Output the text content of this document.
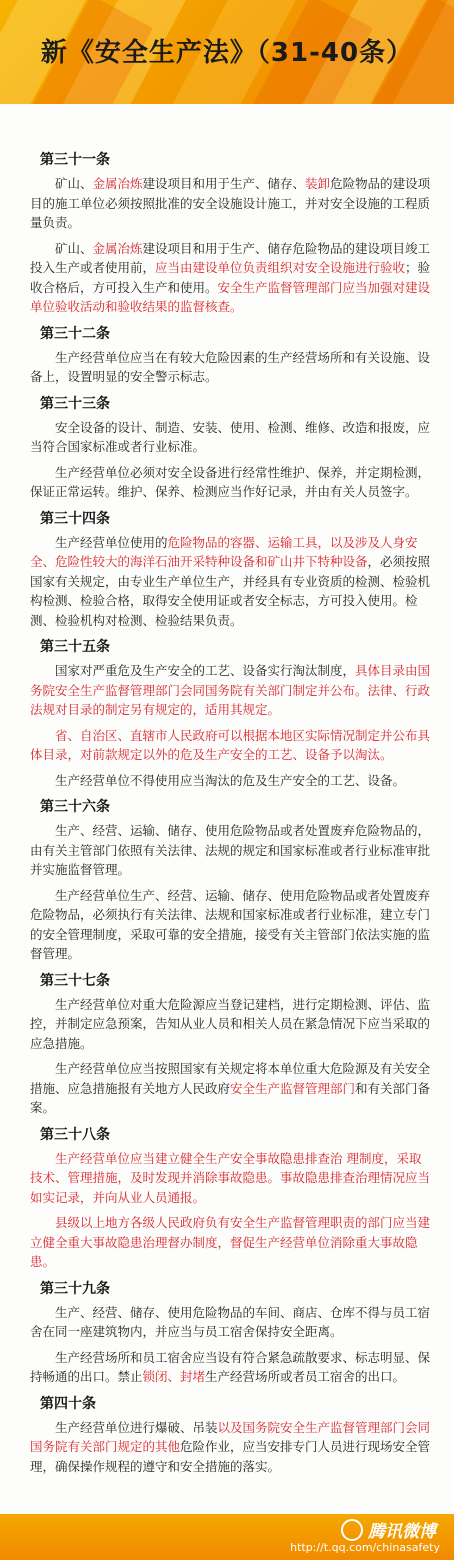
新《安全生产法》（31-40条）
第三十一条

矿山、金属冶炼建设项目和用于生产、储存、装卸危险物品的建设项目的施工单位必须按照批准的安全设施设计施工，并对安全设施的工程质量负责。

矿山、金属冶炼建设项目和用于生产、储存危险物品的建设项目竣工投入生产或者使用前，应当由建设单位负责组织对安全设施进行验收；验收合格后，方可投入生产和使用。安全生产监督管理部门应当加强对建设单位验收活动和验收结果的监督核查。

第三十二条

生产经营单位应当在有较大危险因素的生产经营场所和有关设施、设备上，设置明显的安全警示标志。

第三十三条

安全设备的设计、制造、安装、使用、检测、维修、改造和报废，应当符合国家标准或者行业标准。

生产经营单位必须对安全设备进行经常性维护、保养，并定期检测，保证正常运转。维护、保养、检测应当作好记录，并由有关人员签字。

第三十四条

生产经营单位使用的危险物品的容器、运输工具，以及涉及人身安全、危险性较大的海洋石油开采特种设备和矿山井下特种设备，必须按照国家有关规定，由专业生产单位生产，并经具有专业资质的检测、检验机构检测、检验合格，取得安全使用证或者安全标志，方可投入使用。检测、检验机构对检测、检验结果负责。

第三十五条

国家对严重危及生产安全的工艺、设备实行淘汰制度，具体目录由国务院安全生产监督管理部门会同国务院有关部门制定并公布。法律、行政法规对目录的制定另有规定的，适用其规定。

省、自治区、直辖市人民政府可以根据本地区实际情况制定并公布具体目录，对前款规定以外的危及生产安全的工艺、设备予以淘汰。

生产经营单位不得使用应当淘汰的危及生产安全的工艺、设备。

第三十六条

生产、经营、运输、储存、使用危险物品或者处置废弃危险物品的，由有关主管部门依照有关法律、法规的规定和国家标准或者行业标准审批并实施监督管理。

生产经营单位生产、经营、运输、储存、使用危险物品或者处置废弃危险物品，必须执行有关法律、法规和国家标准或者行业标准，建立专门的安全管理制度，采取可靠的安全措施，接受有关主管部门依法实施的监督管理。

第三十七条

生产经营单位对重大危险源应当登记建档，进行定期检测、评估、监控，并制定应急预案，告知从业人员和相关人员在紧急情况下应当采取的应急措施。

生产经营单位应当按照国家有关规定将本单位重大危险源及有关安全措施、应急措施报有关地方人民政府安全生产监督管理部门和有关部门备案。

第三十八条

生产经营单位应当建立健全生产安全事故隐患排查治 理制度，采取技术、管理措施，及时发现并消除事故隐患。事故隐患排查治理情况应当如实记录，并向从业人员通报。

县级以上地方各级人民政府负有安全生产监督管理职责的部门应当建立健全重大事故隐患治理督办制度，督促生产经营单位消除重大事故隐患。

第三十九条

生产、经营、储存、使用危险物品的车间、商店、仓库不得与员工宿舍在同一座建筑物内，并应当与员工宿舍保持安全距离。

生产经营场所和员工宿舍应当设有符合紧急疏散要求、标志明显、保持畅通的出口。禁止锁闭、封堵生产经营场所或者员工宿舍的出口。

第四十条

生产经营单位进行爆破、吊装以及国务院安全生产监督管理部门会同国务院有关部门规定的其他危险作业，应当安排专门人员进行现场安全管理，确保操作规程的遵守和安全措施的落实。

腾讯微博
http://t.qq.com/chinasafety
